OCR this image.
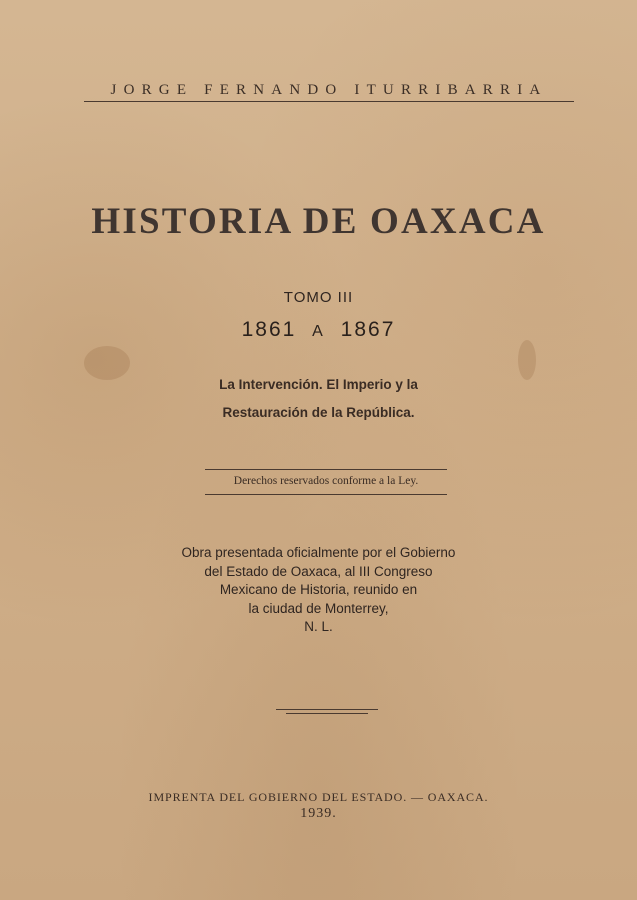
JORGE FERNANDO ITURRIBARRIA
HISTORIA DE OAXACA
TOMO III
1861 A 1867
La Intervención. El Imperio y la
Restauración de la República.
Derechos reservados conforme a la Ley.
Obra presentada oficialmente por el Gobierno
del Estado de Oaxaca, al III Congreso
Mexicano de Historia, reunido en
la ciudad de Monterrey,
N. L.
IMPRENTA DEL GOBIERNO DEL ESTADO. — OAXACA.
1939.
